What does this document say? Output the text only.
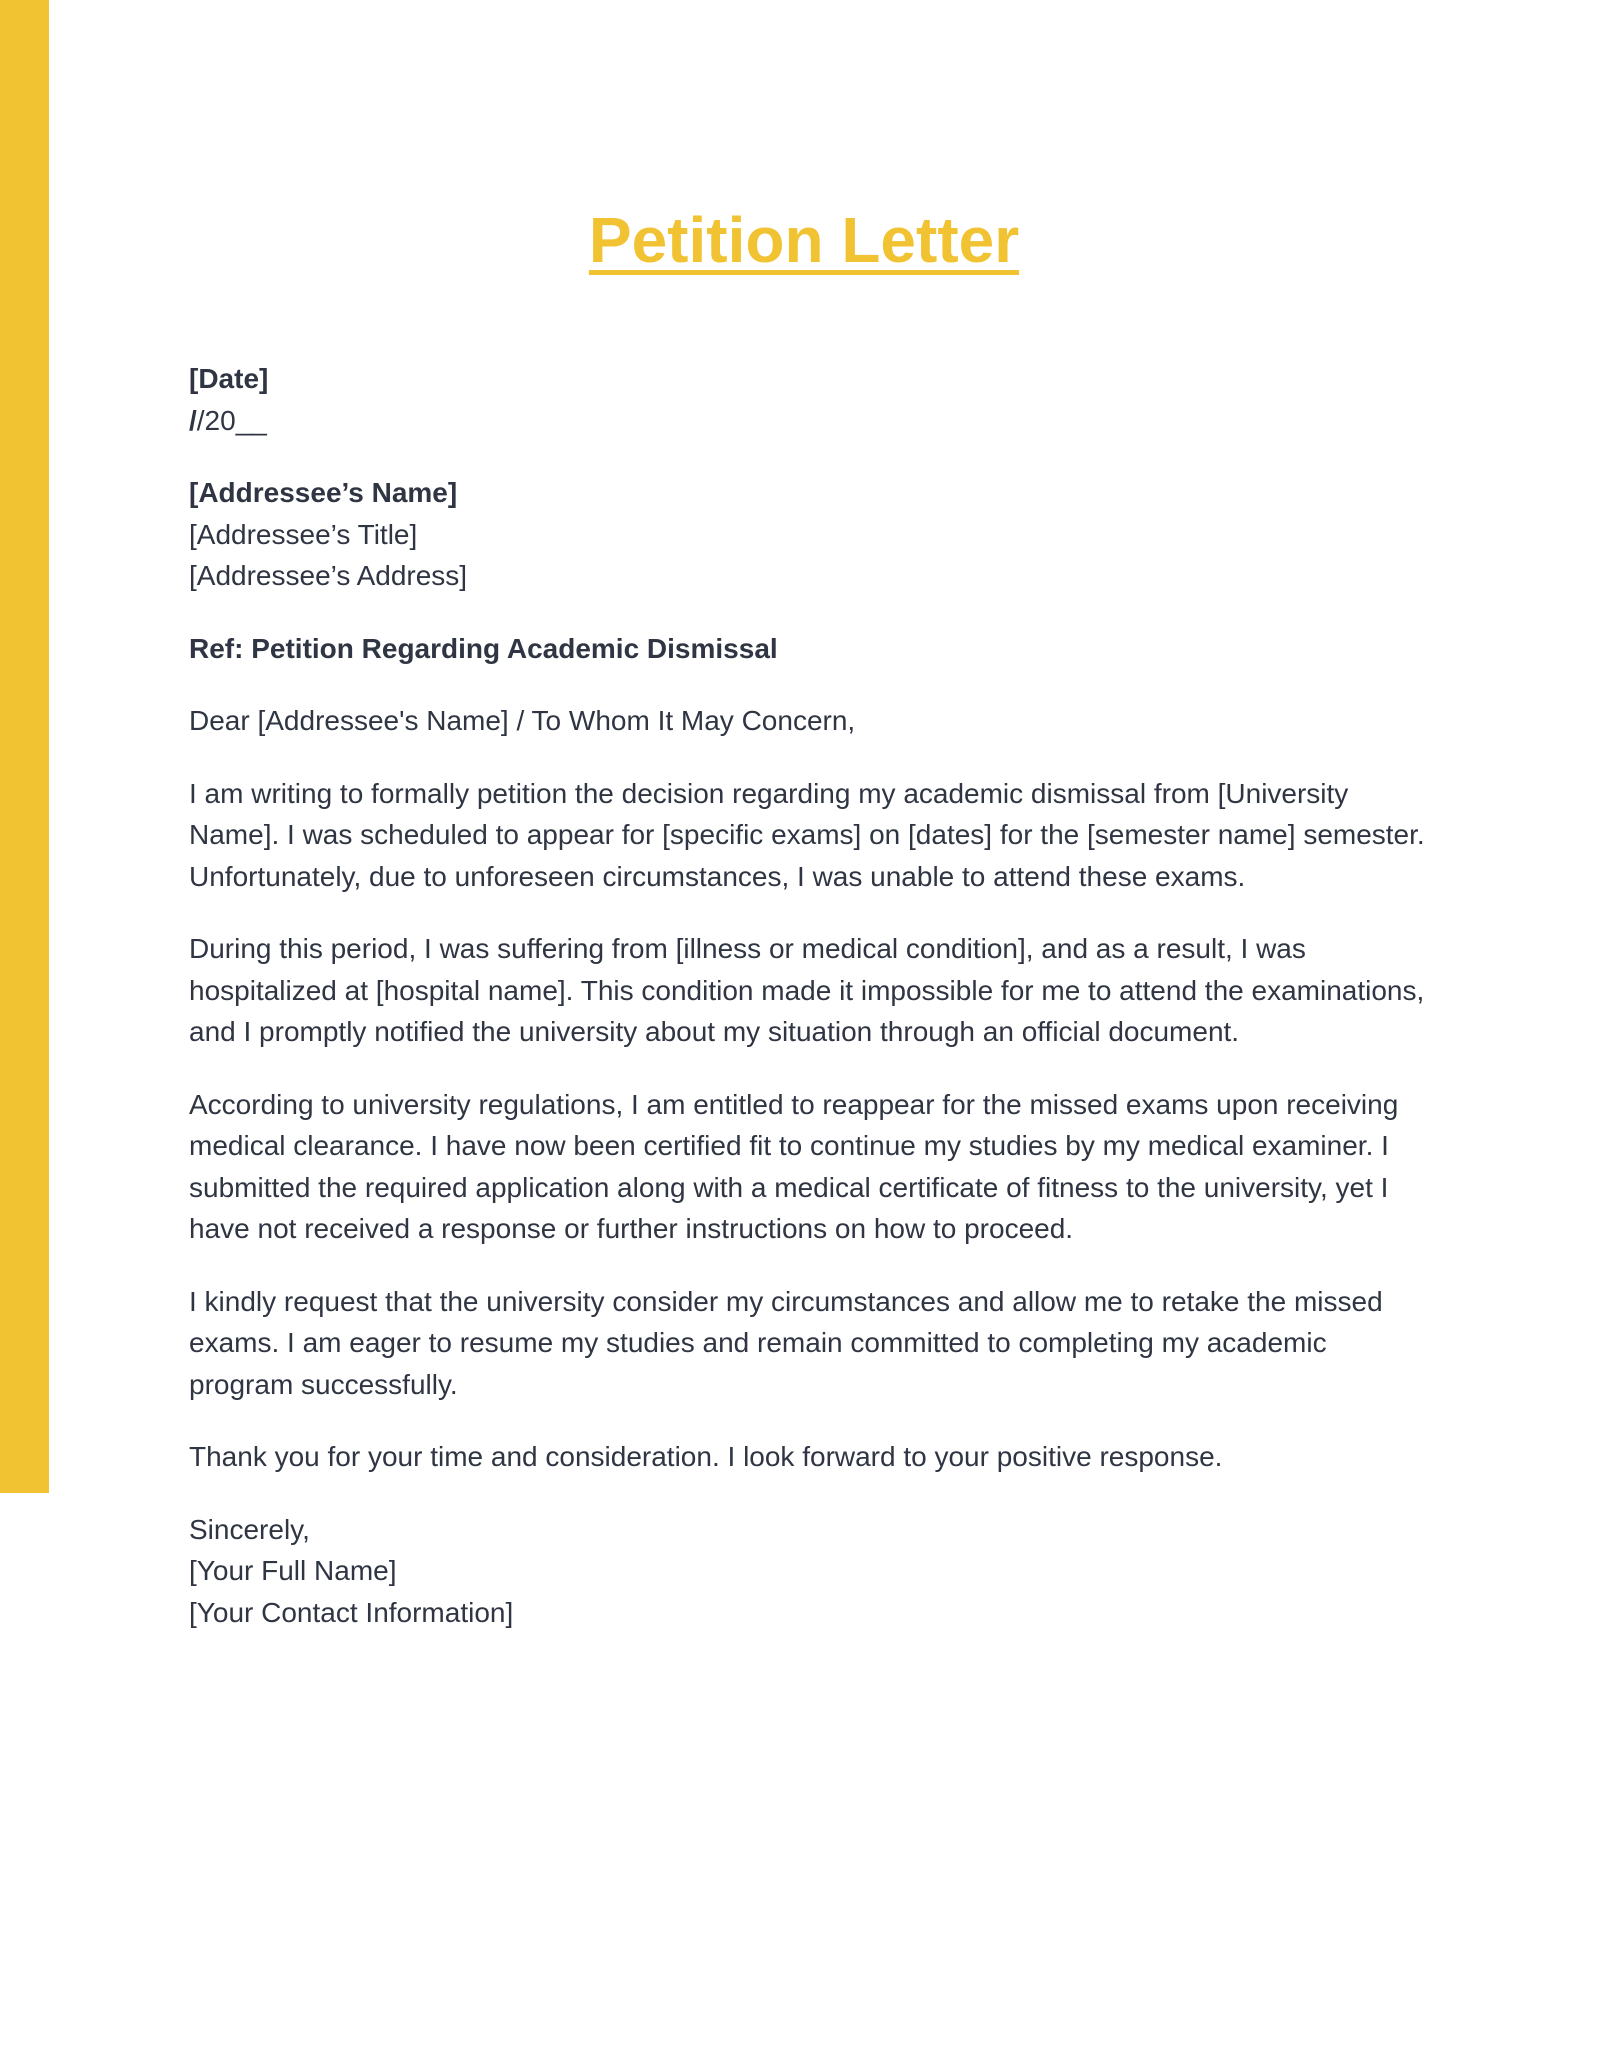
Petition Letter
[Date]
//20__
[Addressee’s Name]
[Addressee’s Title]
[Addressee’s Address]
Ref: Petition Regarding Academic Dismissal
Dear [Addressee's Name] / To Whom It May Concern,

I am writing to formally petition the decision regarding my academic dismissal from [University Name]. I was scheduled to appear for [specific exams] on [dates] for the [semester name] semester. Unfortunately, due to unforeseen circumstances, I was unable to attend these exams.

During this period, I was suffering from [illness or medical condition], and as a result, I was hospitalized at [hospital name]. This condition made it impossible for me to attend the examinations, and I promptly notified the university about my situation through an official document.

According to university regulations, I am entitled to reappear for the missed exams upon receiving medical clearance. I have now been certified fit to continue my studies by my medical examiner. I submitted the required application along with a medical certificate of fitness to the university, yet I have not received a response or further instructions on how to proceed.

I kindly request that the university consider my circumstances and allow me to retake the missed exams. I am eager to resume my studies and remain committed to completing my academic program successfully.

Thank you for your time and consideration. I look forward to your positive response.

Sincerely,
[Your Full Name]
[Your Contact Information]
